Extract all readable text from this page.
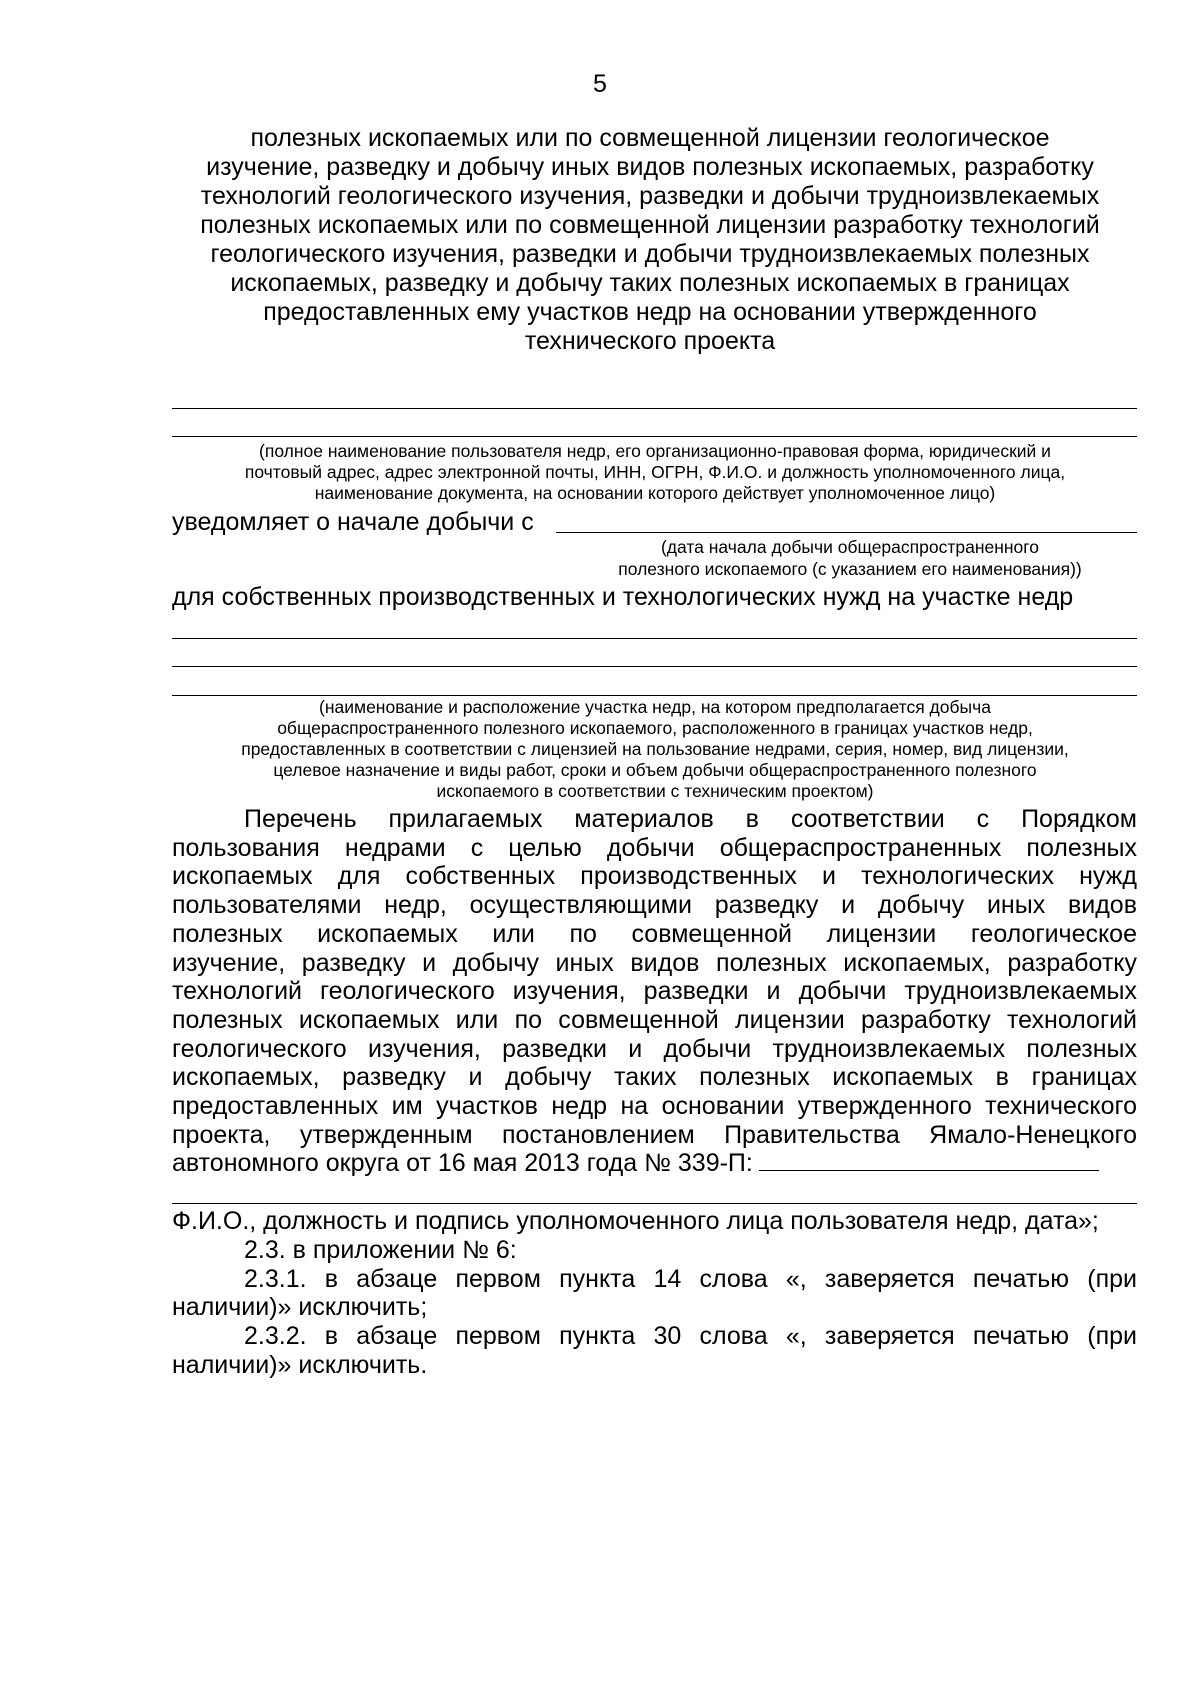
5
полезных ископаемых или по совмещенной лицензии геологическое
изучение, разведку и добычу иных видов полезных ископаемых, разработку
технологий геологического изучения, разведки и добычи трудноизвлекаемых
полезных ископаемых или по совмещенной лицензии разработку технологий
геологического изучения, разведки и добычи трудноизвлекаемых полезных
ископаемых, разведку и добычу таких полезных ископаемых в границах
предоставленных ему участков недр на основании утвержденного
технического проекта
(полное наименование пользователя недр, его организационно-правовая форма, юридический и
почтовый адрес, адрес электронной почты, ИНН, ОГРН, Ф.И.О. и должность уполномоченного лица,
наименование документа, на основании которого действует уполномоченное лицо)
уведомляет о начале добычи с
(дата начала добычи общераспространенного
полезного ископаемого (с указанием его наименования))
для собственных производственных и технологических нужд на участке недр
(наименование и расположение участка недр, на котором предполагается добыча
общераспространенного полезного ископаемого, расположенного в границах участков недр,
предоставленных в соответствии с лицензией на пользование недрами, серия, номер, вид лицензии,
целевое назначение и виды работ, сроки и объем добычи общераспространенного полезного
ископаемого в соответствии с техническим проектом)
Перечень прилагаемых материалов в соответствии с Порядком
пользования недрами с целью добычи общераспространенных полезных
ископаемых для собственных производственных и технологических нужд
пользователями недр, осуществляющими разведку и добычу иных видов
полезных ископаемых или по совмещенной лицензии геологическое
изучение, разведку и добычу иных видов полезных ископаемых, разработку
технологий геологического изучения, разведки и добычи трудноизвлекаемых
полезных ископаемых или по совмещенной лицензии разработку технологий
геологического изучения, разведки и добычи трудноизвлекаемых полезных
ископаемых, разведку и добычу таких полезных ископаемых в границах
предоставленных им участков недр на основании утвержденного технического
проекта, утвержденным постановлением Правительства Ямало-Ненецкого
автономного округа от 16 мая 2013 года № 339-П:
Ф.И.О., должность и подпись уполномоченного лица пользователя недр, дата»;
2.3. в приложении № 6:
2.3.1. в абзаце первом пункта 14 слова «, заверяется печатью (при
наличии)» исключить;
2.3.2. в абзаце первом пункта 30 слова «, заверяется печатью (при
наличии)» исключить.
